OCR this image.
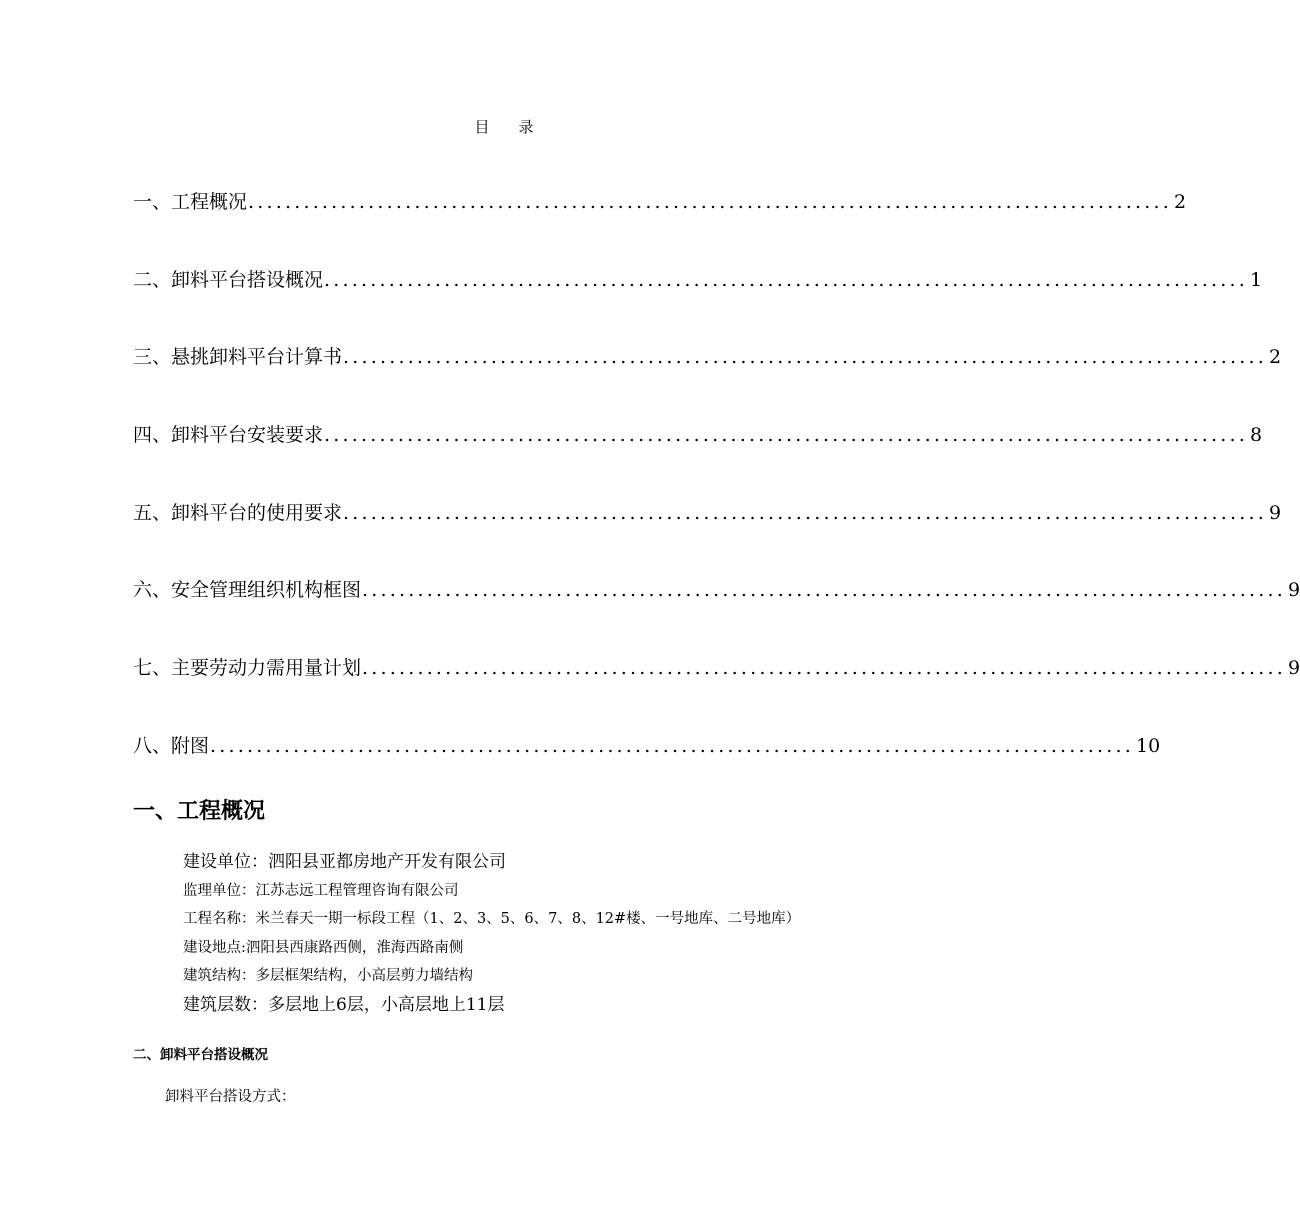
目    录
一、工程概况 .................................................................................................... 2
二、卸料平台搭设概况 .................................................................................................... 1
三、悬挑卸料平台计算书 .................................................................................................... 2
四、卸料平台安装要求 .................................................................................................... 8
五、卸料平台的使用要求 .................................................................................................... 9
六、安全管理组织机构框图 .................................................................................................... 9
七、主要劳动力需用量计划 .................................................................................................... 9
八、附图 .................................................................................................... 10
一、工程概况
建设单位：泗阳县亚都房地产开发有限公司
监理单位：江苏志远工程管理咨询有限公司
工程名称：米兰春天一期一标段工程（1、2、3、5、6、7、8、12#楼、一号地库、二号地库）
建设地点:泗阳县西康路西侧，淮海西路南侧
建筑结构：多层框架结构，小高层剪力墙结构
建筑层数：多层地上6层，小高层地上11层
二、卸料平台搭设概况
卸料平台搭设方式：
